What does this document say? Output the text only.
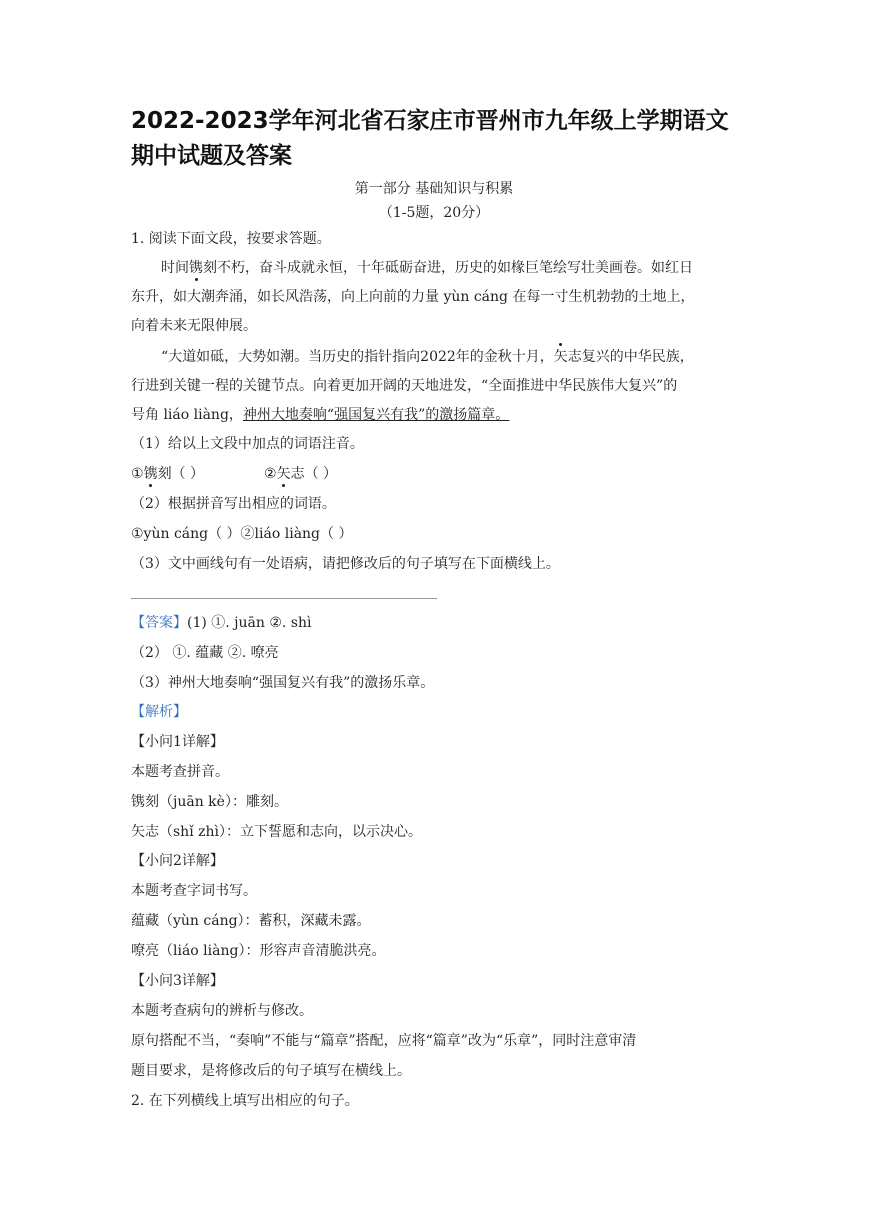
2022-2023学年河北省石家庄市晋州市九年级上学期语文期中试题及答案
第一部分 基础知识与积累
（1-5题，20分）
1. 阅读下面文段，按要求答题。
时间镌刻不朽，奋斗成就永恒，十年砥砺奋进，历史的如椽巨笔绘写壮美画卷。如红日
东升，如大潮奔涌，如长风浩荡，向上向前的力量 yùn cáng 在每一寸生机勃勃的土地上，
向着未来无限伸展。
“大道如砥，大势如潮。当历史的指针指向2022年的金秋十月，矢志复兴的中华民族，
行进到关键一程的关键节点。向着更加开阔的天地进发，“全面推进中华民族伟大复兴”的
号角 liáo liàng，神州大地奏响“强国复兴有我”的激扬篇章。
（1）给以上文段中加点的词语注音。
①镌刻（ ）	②矢志（ ）
（2）根据拼音写出相应的词语。
①yùn cáng（ ）②liáo liàng（ ）
（3）文中画线句有一处语病，请把修改后的句子填写在下面横线上。
【答案】(1) ①. juān ②. shì
（2） ①. 蕴藏 ②. 嘹亮
（3）神州大地奏响“强国复兴有我”的激扬乐章。
【解析】
【小问1详解】
本题考查拼音。
镌刻（juān kè）：雕刻。
矢志（shǐ zhì）：立下誓愿和志向，以示决心。
【小问2详解】
本题考查字词书写。
蕴藏（yùn cáng）：蓄积，深藏未露。
嘹亮（liáo liàng）：形容声音清脆洪亮。
【小问3详解】
本题考查病句的辨析与修改。
原句搭配不当，“奏响”不能与“篇章”搭配，应将“篇章”改为“乐章”，同时注意审清
题目要求，是将修改后的句子填写在横线上。
2. 在下列横线上填写出相应的句子。
